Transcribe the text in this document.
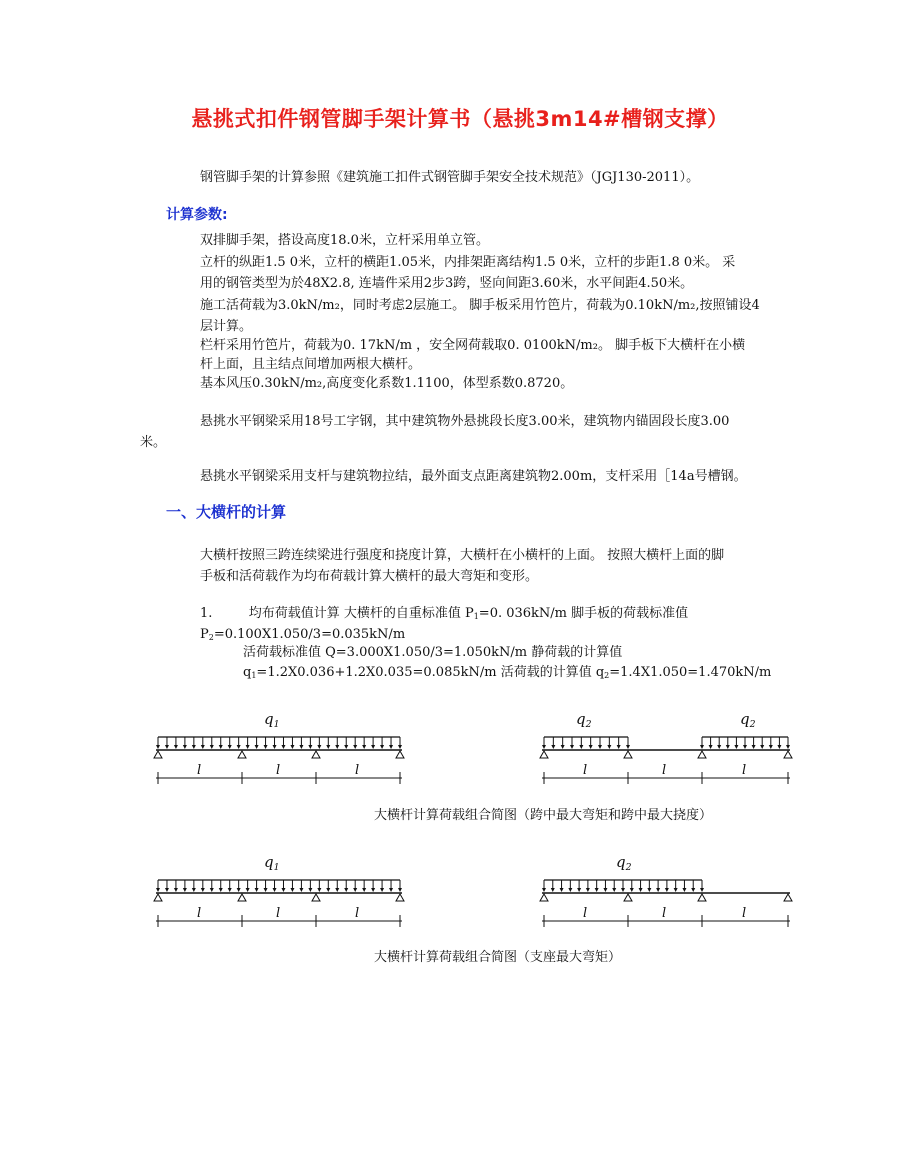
悬挑式扣件钢管脚手架计算书（悬挑3m14#槽钢支撑）
钢管脚手架的计算参照《建筑施工扣件式钢管脚手架安全技术规范》（JGJ130-2011）。
计算参数:
双排脚手架，搭设高度18.0米，立杆采用单立管。
立杆的纵距1.5 0米，立杆的横距1.05米，内排架距离结构1.5 0米，立杆的步距1.8 0米。 采
用的钢管类型为於48X2.8, 连墙件采用2步3跨，竖向间距3.60米，水平间距4.50米。
施工活荷载为3.0kN/m₂，同时考虑2层施工。 脚手板采用竹笆片，荷载为0.10kN/m₂,按照铺设4
层计算。
栏杆采用竹笆片，荷载为0. 17kN/m ，安全网荷载取0. 0100kN/m₂。 脚手板下大横杆在小横
杆上面，且主结点间增加两根大横杆。
基本风压0.30kN/m₂,高度变化系数1.1100，体型系数0.8720。
悬挑水平钢梁采用18号工字钢，其中建筑物外悬挑段长度3.00米，建筑物内锚固段长度3.00
米。
悬挑水平钢梁采用支杆与建筑物拉结，最外面支点距离建筑物2.00m，支杆采用［14a号槽钢。
一、大横杆的计算
大横杆按照三跨连续梁进行强度和挠度计算，大横杆在小横杆的上面。 按照大横杆上面的脚
手板和活荷载作为均布荷载计算大横杆的最大弯矩和变形。
1.	均布荷载值计算 大横杆的自重标准值 $P_1=0$. 036kN/m 脚手板的荷载标准值
$P_2=0.100X1.050/3=0.035kN/m$
活荷载标准值 Q=3.000X1.050/3=1.050kN/m 静荷载的计算值
$q_1=1.2X0.036+1.2X0.035=0.085kN/m$ 活荷载的计算值 $q_2=1.4X1.050=1.470kN/m$
l	l	l
$q_1$
l	l	l
$q_2$	$q_2$
l	l	l
$q_1$
l	l	l
$q_2$
大横杆计算荷载组合简图（跨中最大弯矩和跨中最大挠度）
大横杆计算荷载组合简图（支座最大弯矩）
